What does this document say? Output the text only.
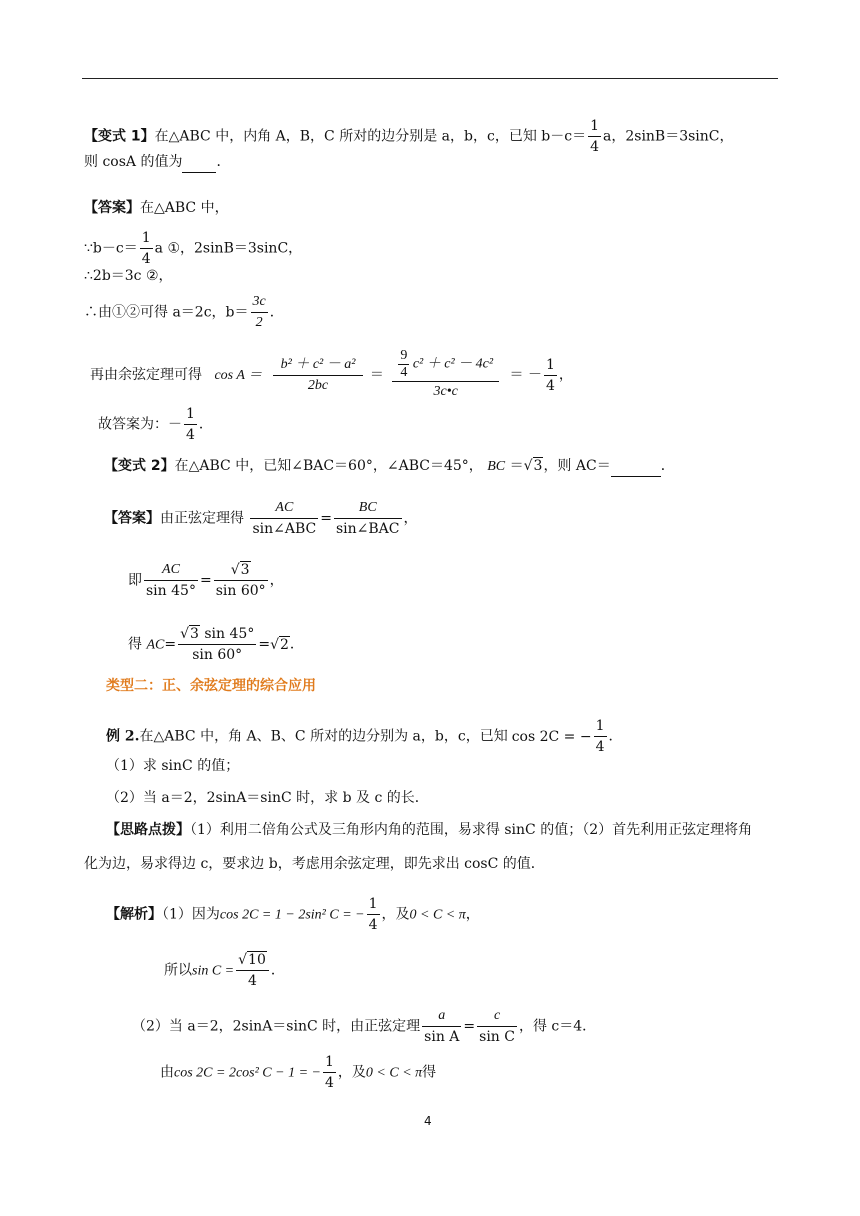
【变式 1】在△ABC 中，内角 A，B，C 所对的边分别是 a，b，c，已知 $b-c= \frac{1}{4}$ a，2sinB＝3sinC，
则 cosA 的值为 ．
【答案】在△ABC 中，
∵b－c＝ $\frac{1}{4}$ a ①，2sinB＝3sinC，
∴2b＝3c ②，
∴由①②可得 a＝2c，$b= \frac{3c}{2}$ ．
再由余弦定理可得 $\cos A = \frac{\text{b² ＋ c² － a²}}{2bc} = \frac{\frac{9}{4} c^2 + c^2 - 4c^2}{3c•c}$ ＝ － $\frac{1}{4}$ ，
故答案为：－ $\frac{1}{4}$ ．
【变式 2】在△ABC 中，已知∠BAC＝60°，∠ABC＝45°， BC ＝√3，则 AC＝	．
【答案】由正弦定理得 $\frac{AC}{\text{sin∠ABC}} = \frac{BC}{\text{sin∠BAC}}$ ，
即 $\frac{AC}{\sin 45^\circ} = \frac{√3}{\sin 60^\circ}$ ，
得 $AC= \frac{√3 \sin 45^\circ}{\sin 60^\circ} =√2$．
类型二：正、余弦定理的综合应用
例 2.在△ABC 中，角 A、B、C 所对的边分别为 a，b，c，已知 cos 2C = − $\frac{1}{4}$ ．
（1）求 sinC 的值；
（2）当 a＝2，2sinA＝sinC 时，求 b 及 c 的长．
【思路点拨】（1）利用二倍角公式及三角形内角的范围，易求得 sinC 的值；（2）首先利用正弦定理将角
化为边，易求得边 c，要求边 b，考虑用余弦定理，即先求出 cosC 的值．
【解析】（1）因为cos 2C = 1 − 2sin² C = − $\frac{1}{4}$ ，及0 < C < π，
所以$\sin C = \frac{√10}{4}$ ．
（2）当 a＝2，2sinA＝sinC 时，由正弦定理 $\frac{a}{\text{sin A}} = \frac{c}{\text{sin C}}$ ，得 c＝4．
由cos 2C = 2cos² C − 1 = − $\frac{1}{4}$ ，及0 < C < π得
4
